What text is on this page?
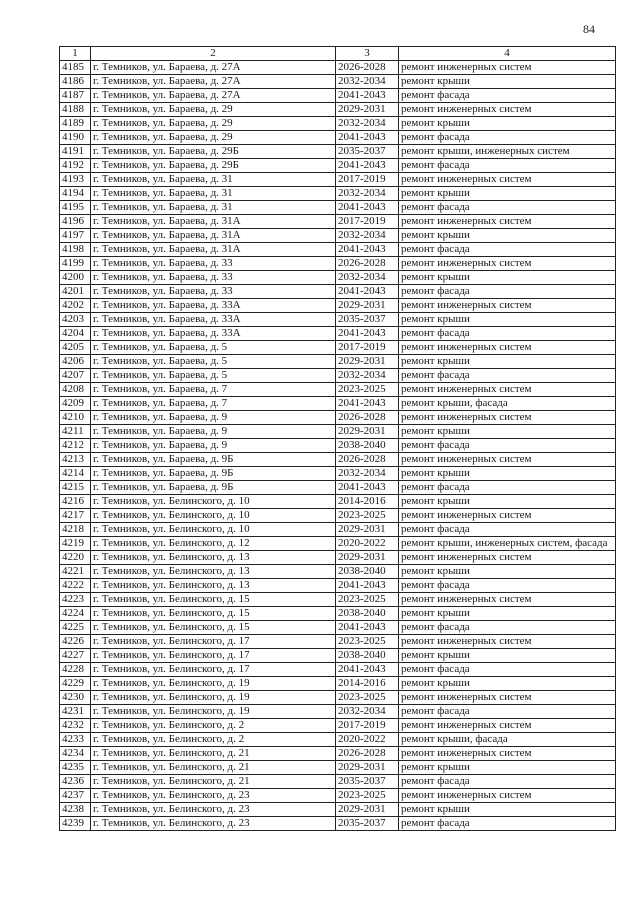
84
1	2	3	4
4185	г. Темников, ул. Бараева, д. 27А	2026-2028	ремонт инженерных систем
4186	г. Темников, ул. Бараева, д. 27А	2032-2034	ремонт крыши
4187	г. Темников, ул. Бараева, д. 27А	2041-2043	ремонт фасада
4188	г. Темников, ул. Бараева, д. 29	2029-2031	ремонт инженерных систем
4189	г. Темников, ул. Бараева, д. 29	2032-2034	ремонт крыши
4190	г. Темников, ул. Бараева, д. 29	2041-2043	ремонт фасада
4191	г. Темников, ул. Бараева, д. 29Б	2035-2037	ремонт крыши, инженерных систем
4192	г. Темников, ул. Бараева, д. 29Б	2041-2043	ремонт фасада
4193	г. Темников, ул. Бараева, д. 31	2017-2019	ремонт инженерных систем
4194	г. Темников, ул. Бараева, д. 31	2032-2034	ремонт крыши
4195	г. Темников, ул. Бараева, д. 31	2041-2043	ремонт фасада
4196	г. Темников, ул. Бараева, д. 31А	2017-2019	ремонт инженерных систем
4197	г. Темников, ул. Бараева, д. 31А	2032-2034	ремонт крыши
4198	г. Темников, ул. Бараева, д. 31А	2041-2043	ремонт фасада
4199	г. Темников, ул. Бараева, д. 33	2026-2028	ремонт инженерных систем
4200	г. Темников, ул. Бараева, д. 33	2032-2034	ремонт крыши
4201	г. Темников, ул. Бараева, д. 33	2041-2043	ремонт фасада
4202	г. Темников, ул. Бараева, д. 33А	2029-2031	ремонт инженерных систем
4203	г. Темников, ул. Бараева, д. 33А	2035-2037	ремонт крыши
4204	г. Темников, ул. Бараева, д. 33А	2041-2043	ремонт фасада
4205	г. Темников, ул. Бараева, д. 5	2017-2019	ремонт инженерных систем
4206	г. Темников, ул. Бараева, д. 5	2029-2031	ремонт крыши
4207	г. Темников, ул. Бараева, д. 5	2032-2034	ремонт фасада
4208	г. Темников, ул. Бараева, д. 7	2023-2025	ремонт инженерных систем
4209	г. Темников, ул. Бараева, д. 7	2041-2043	ремонт крыши, фасада
4210	г. Темников, ул. Бараева, д. 9	2026-2028	ремонт инженерных систем
4211	г. Темников, ул. Бараева, д. 9	2029-2031	ремонт крыши
4212	г. Темников, ул. Бараева, д. 9	2038-2040	ремонт фасада
4213	г. Темников, ул. Бараева, д. 9Б	2026-2028	ремонт инженерных систем
4214	г. Темников, ул. Бараева, д. 9Б	2032-2034	ремонт крыши
4215	г. Темников, ул. Бараева, д. 9Б	2041-2043	ремонт фасада
4216	г. Темников, ул. Белинского, д. 10	2014-2016	ремонт крыши
4217	г. Темников, ул. Белинского, д. 10	2023-2025	ремонт инженерных систем
4218	г. Темников, ул. Белинского, д. 10	2029-2031	ремонт фасада
4219	г. Темников, ул. Белинского, д. 12	2020-2022	ремонт крыши, инженерных систем, фасада
4220	г. Темников, ул. Белинского, д. 13	2029-2031	ремонт инженерных систем
4221	г. Темников, ул. Белинского, д. 13	2038-2040	ремонт крыши
4222	г. Темников, ул. Белинского, д. 13	2041-2043	ремонт фасада
4223	г. Темников, ул. Белинского, д. 15	2023-2025	ремонт инженерных систем
4224	г. Темников, ул. Белинского, д. 15	2038-2040	ремонт крыши
4225	г. Темников, ул. Белинского, д. 15	2041-2043	ремонт фасада
4226	г. Темников, ул. Белинского, д. 17	2023-2025	ремонт инженерных систем
4227	г. Темников, ул. Белинского, д. 17	2038-2040	ремонт крыши
4228	г. Темников, ул. Белинского, д. 17	2041-2043	ремонт фасада
4229	г. Темников, ул. Белинского, д. 19	2014-2016	ремонт крыши
4230	г. Темников, ул. Белинского, д. 19	2023-2025	ремонт инженерных систем
4231	г. Темников, ул. Белинского, д. 19	2032-2034	ремонт фасада
4232	г. Темников, ул. Белинского, д. 2	2017-2019	ремонт инженерных систем
4233	г. Темников, ул. Белинского, д. 2	2020-2022	ремонт крыши, фасада
4234	г. Темников, ул. Белинского, д. 21	2026-2028	ремонт инженерных систем
4235	г. Темников, ул. Белинского, д. 21	2029-2031	ремонт крыши
4236	г. Темников, ул. Белинского, д. 21	2035-2037	ремонт фасада
4237	г. Темников, ул. Белинского, д. 23	2023-2025	ремонт инженерных систем
4238	г. Темников, ул. Белинского, д. 23	2029-2031	ремонт крыши
4239	г. Темников, ул. Белинского, д. 23	2035-2037	ремонт фасада
